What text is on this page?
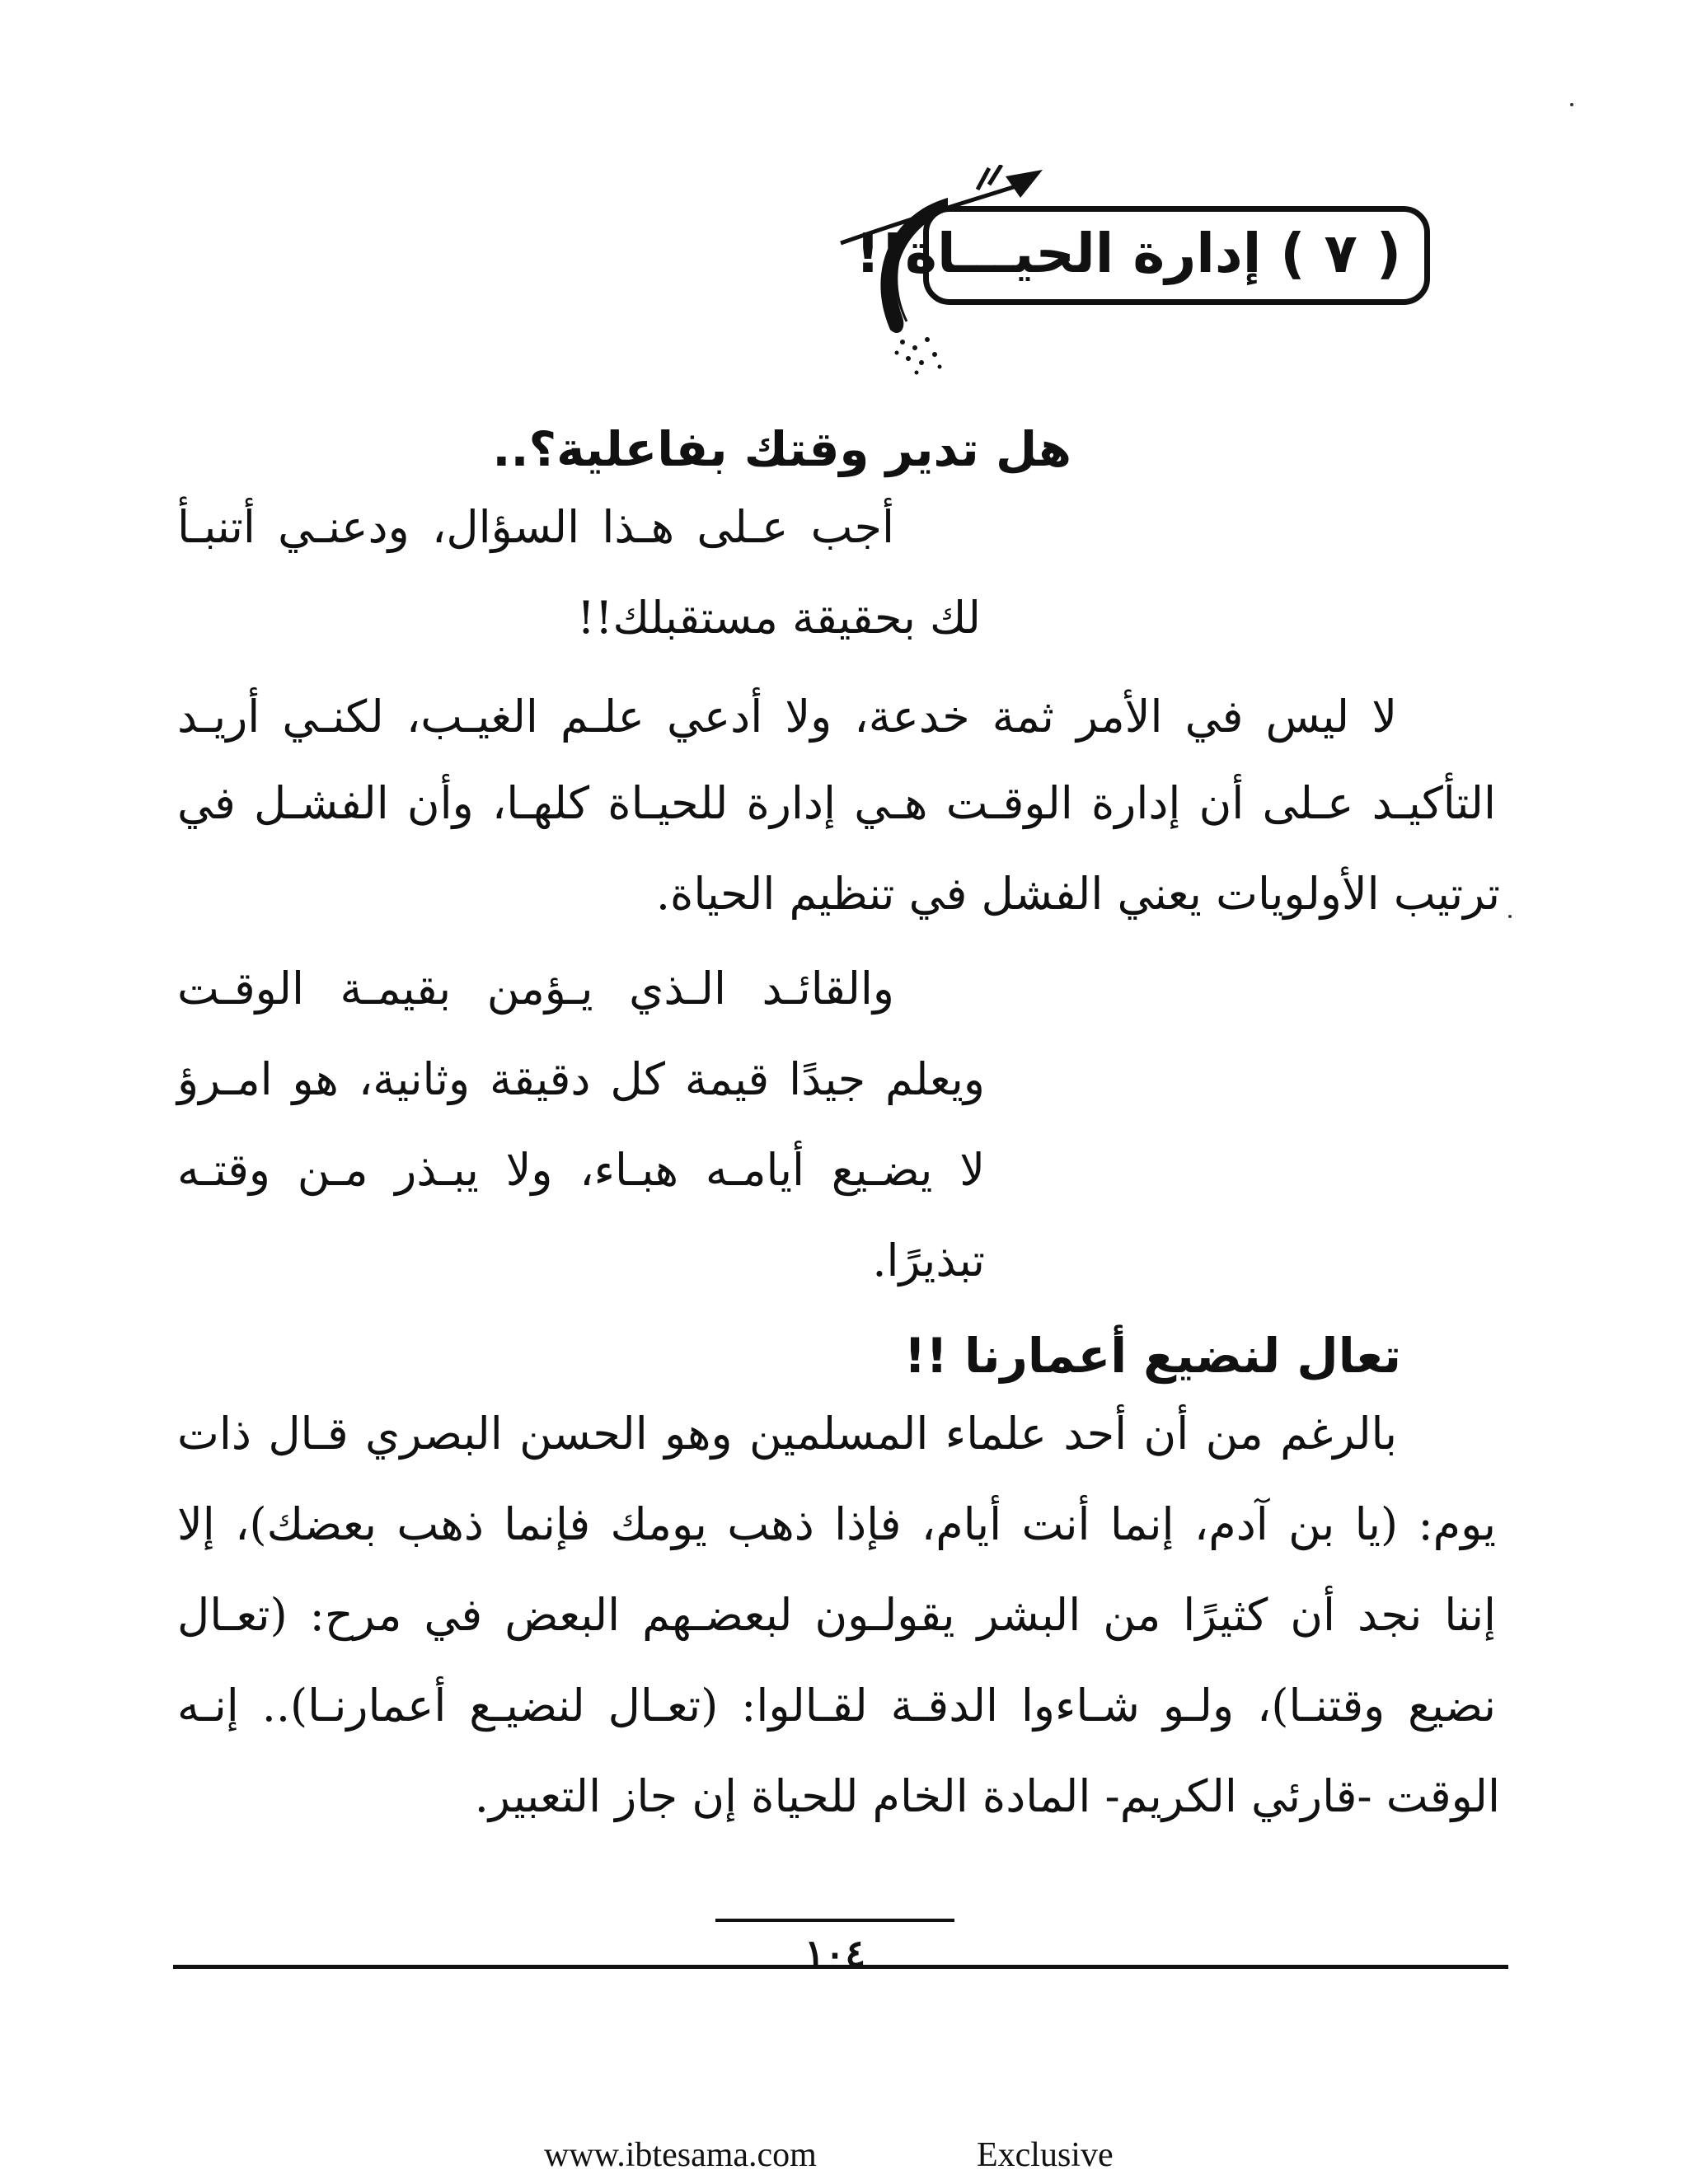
( ٧ ) إدارة الحيـــاة!!
هل تدير وقتك بفاعلية؟..
أجب عـلى هـذا السؤال، ودعنـي أتنبـأ
لك بحقيقة مستقبلك!!
لا ليس في الأمر ثمة خدعة، ولا أدعي علـم الغيـب، لكنـي أريـد
التأكيـد عـلى أن إدارة الوقـت هـي إدارة للحيـاة كلهـا، وأن الفشـل في
ترتيب الأولويات يعني الفشل في تنظيم الحياة.
والقائـد الـذي يـؤمن بقيمـة الوقـت
ويعلم جيدًا قيمة كل دقيقة وثانية، هو امـرؤ
لا يضـيع أيامـه هبـاء، ولا يبـذر مـن وقتـه
تبذيرًا.
تعال لنضيع أعمارنا !!
بالرغم من أن أحد علماء المسلمين وهو الحسن البصري قـال ذات
يوم: (يا بن آدم، إنما أنت أيام، فإذا ذهب يومك فإنما ذهب بعضك)، إلا
إننا نجد أن كثيرًا من البشر يقولـون لبعضـهم البعض في مرح: (تعـال
نضيع وقتنـا)، ولـو شـاءوا الدقـة لقـالوا: (تعـال لنضيـع أعمارنـا).. إنـه
الوقت -قارئي الكريم- المادة الخام للحياة إن جاز التعبير.
١٠٤
www.ibtesama.com	Exclusive
